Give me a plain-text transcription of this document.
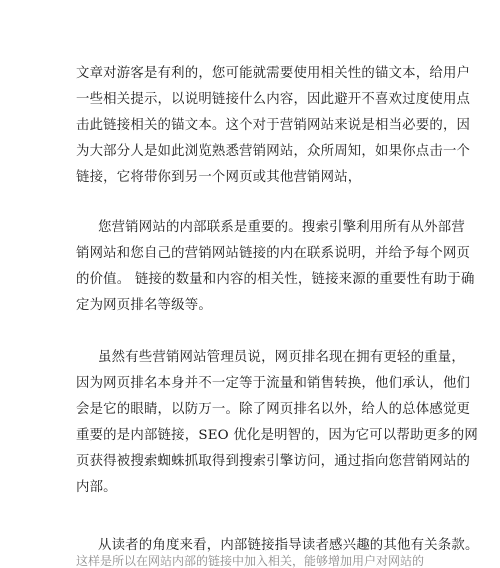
文章对游客是有利的，您可能就需要使用相关性的锚文本，给用户
一些相关提示，以说明链接什么内容，因此避开不喜欢过度使用点
击此链接相关的锚文本。这个对于营销网站来说是相当必要的，因
为大部分人是如此浏览熟悉营销网站，众所周知，如果你点击一个
链接，它将带你到另一个网页或其他营销网站，

您营销网站的内部联系是重要的。搜索引擎利用所有从外部营
销网站和您自己的营销网站链接的内在联系说明，并给予每个网页
的价值。 链接的数量和内容的相关性，链接来源的重要性有助于确
定为网页排名等级等。

虽然有些营销网站管理员说，网页排名现在拥有更轻的重量，
因为网页排名本身并不一定等于流量和销售转换，他们承认，他们
会是它的眼睛，以防万一。除了网页排名以外，给人的总体感觉更
重要的是内部链接，SEO 优化是明智的，因为它可以帮助更多的网
页获得被搜索蜘蛛抓取得到搜索引擎访问，通过指向您营销网站的
内部。

从读者的角度来看，内部链接指导读者感兴趣的其他有关条款。

这样是所以在网站内部的链接中加入相关，能够增加用户对网站的
